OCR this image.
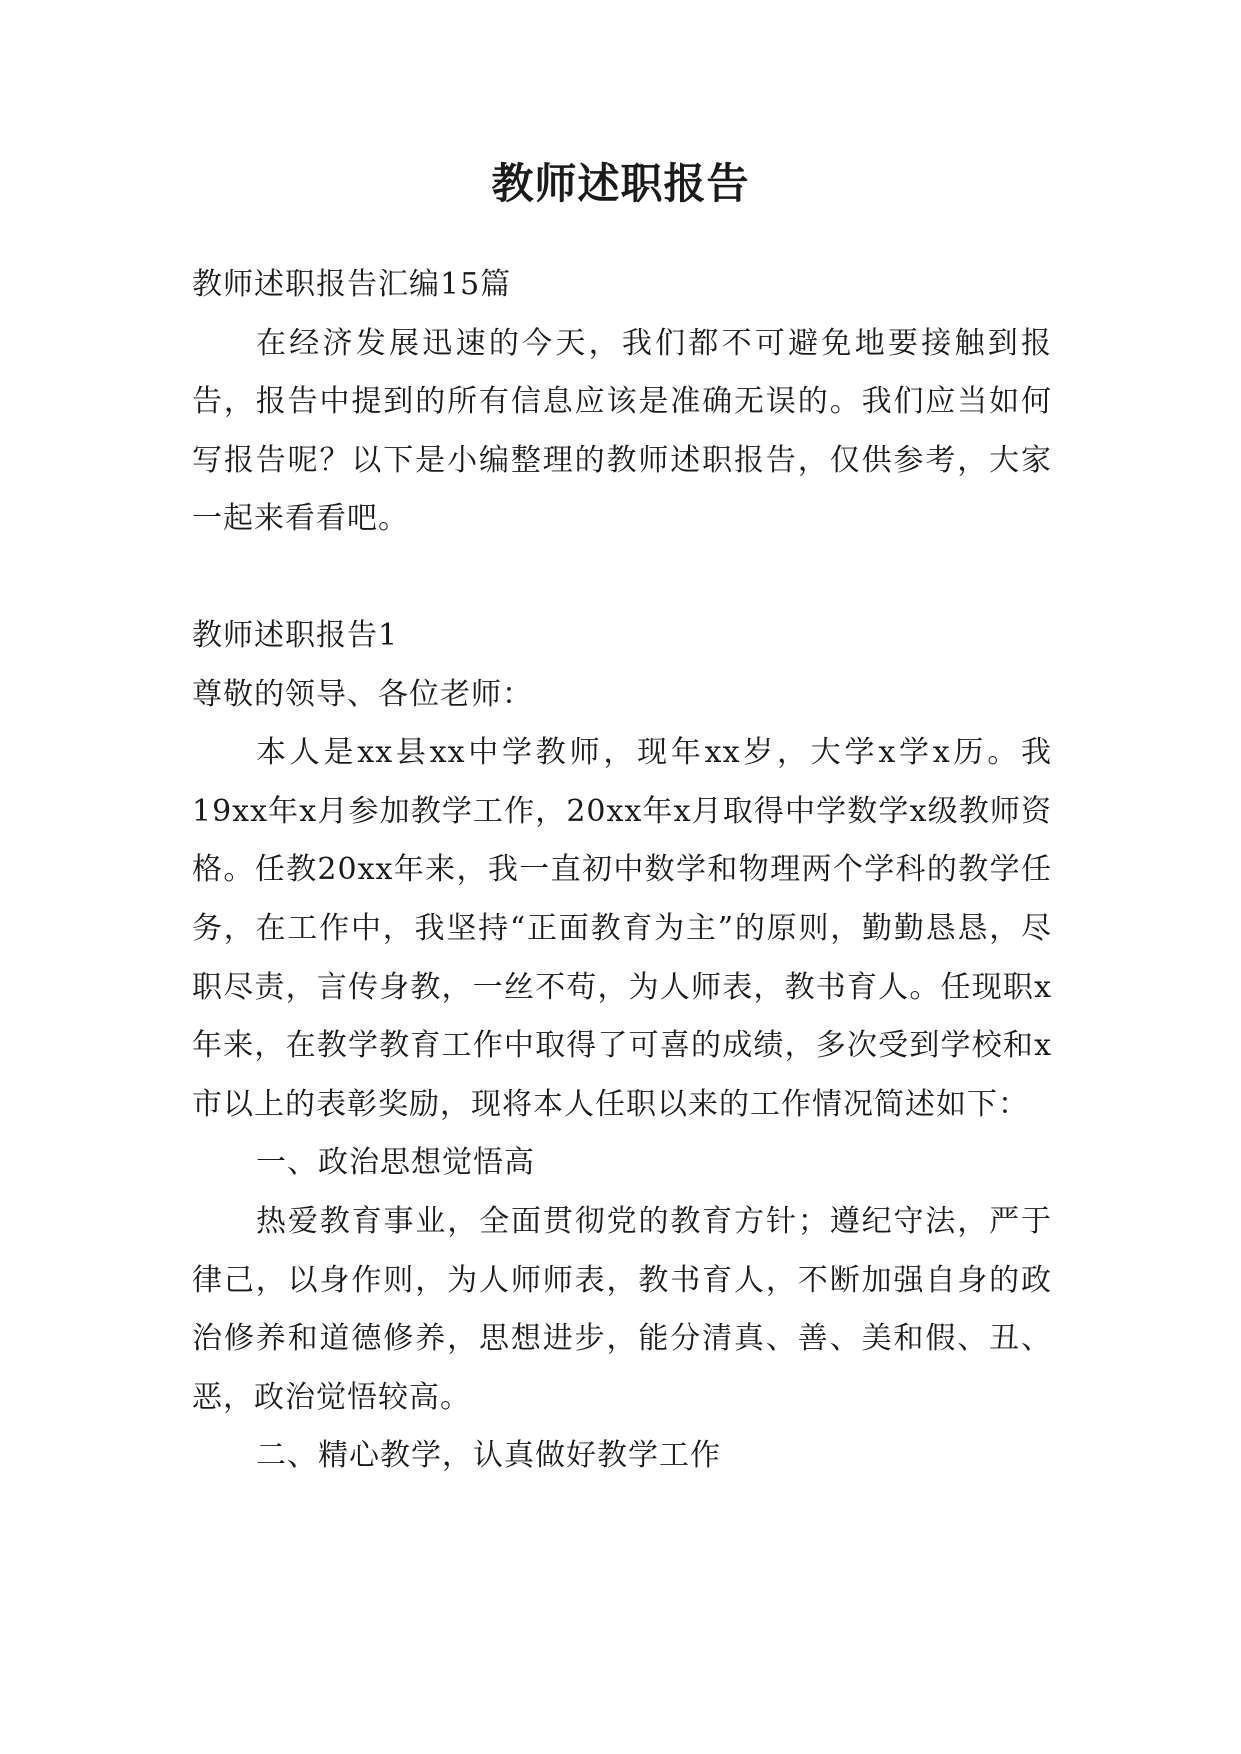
教师述职报告

教师述职报告汇编15篇

在经济发展迅速的今天，我们都不可避免地要接触到报告，报告中提到的所有信息应该是准确无误的。我们应当如何写报告呢？以下是小编整理的教师述职报告，仅供参考，大家一起来看看吧。

教师述职报告1

尊敬的领导、各位老师：

本人是xx县xx中学教师，现年xx岁，大学x学x历。我19xx年x月参加教学工作，20xx年x月取得中学数学x级教师资格。任教20xx年来，我一直初中数学和物理两个学科的教学任务，在工作中，我坚持“正面教育为主”的原则，勤勤恳恳，尽职尽责，言传身教，一丝不苟，为人师表，教书育人。任现职x年来，在教学教育工作中取得了可喜的成绩，多次受到学校和x市以上的表彰奖励，现将本人任职以来的工作情况简述如下：

一、政治思想觉悟高

热爱教育事业，全面贯彻党的教育方针；遵纪守法，严于律己，以身作则，为人师师表，教书育人，不断加强自身的政治修养和道德修养，思想进步，能分清真、善、美和假、丑、恶，政治觉悟较高。

二、精心教学，认真做好教学工作
